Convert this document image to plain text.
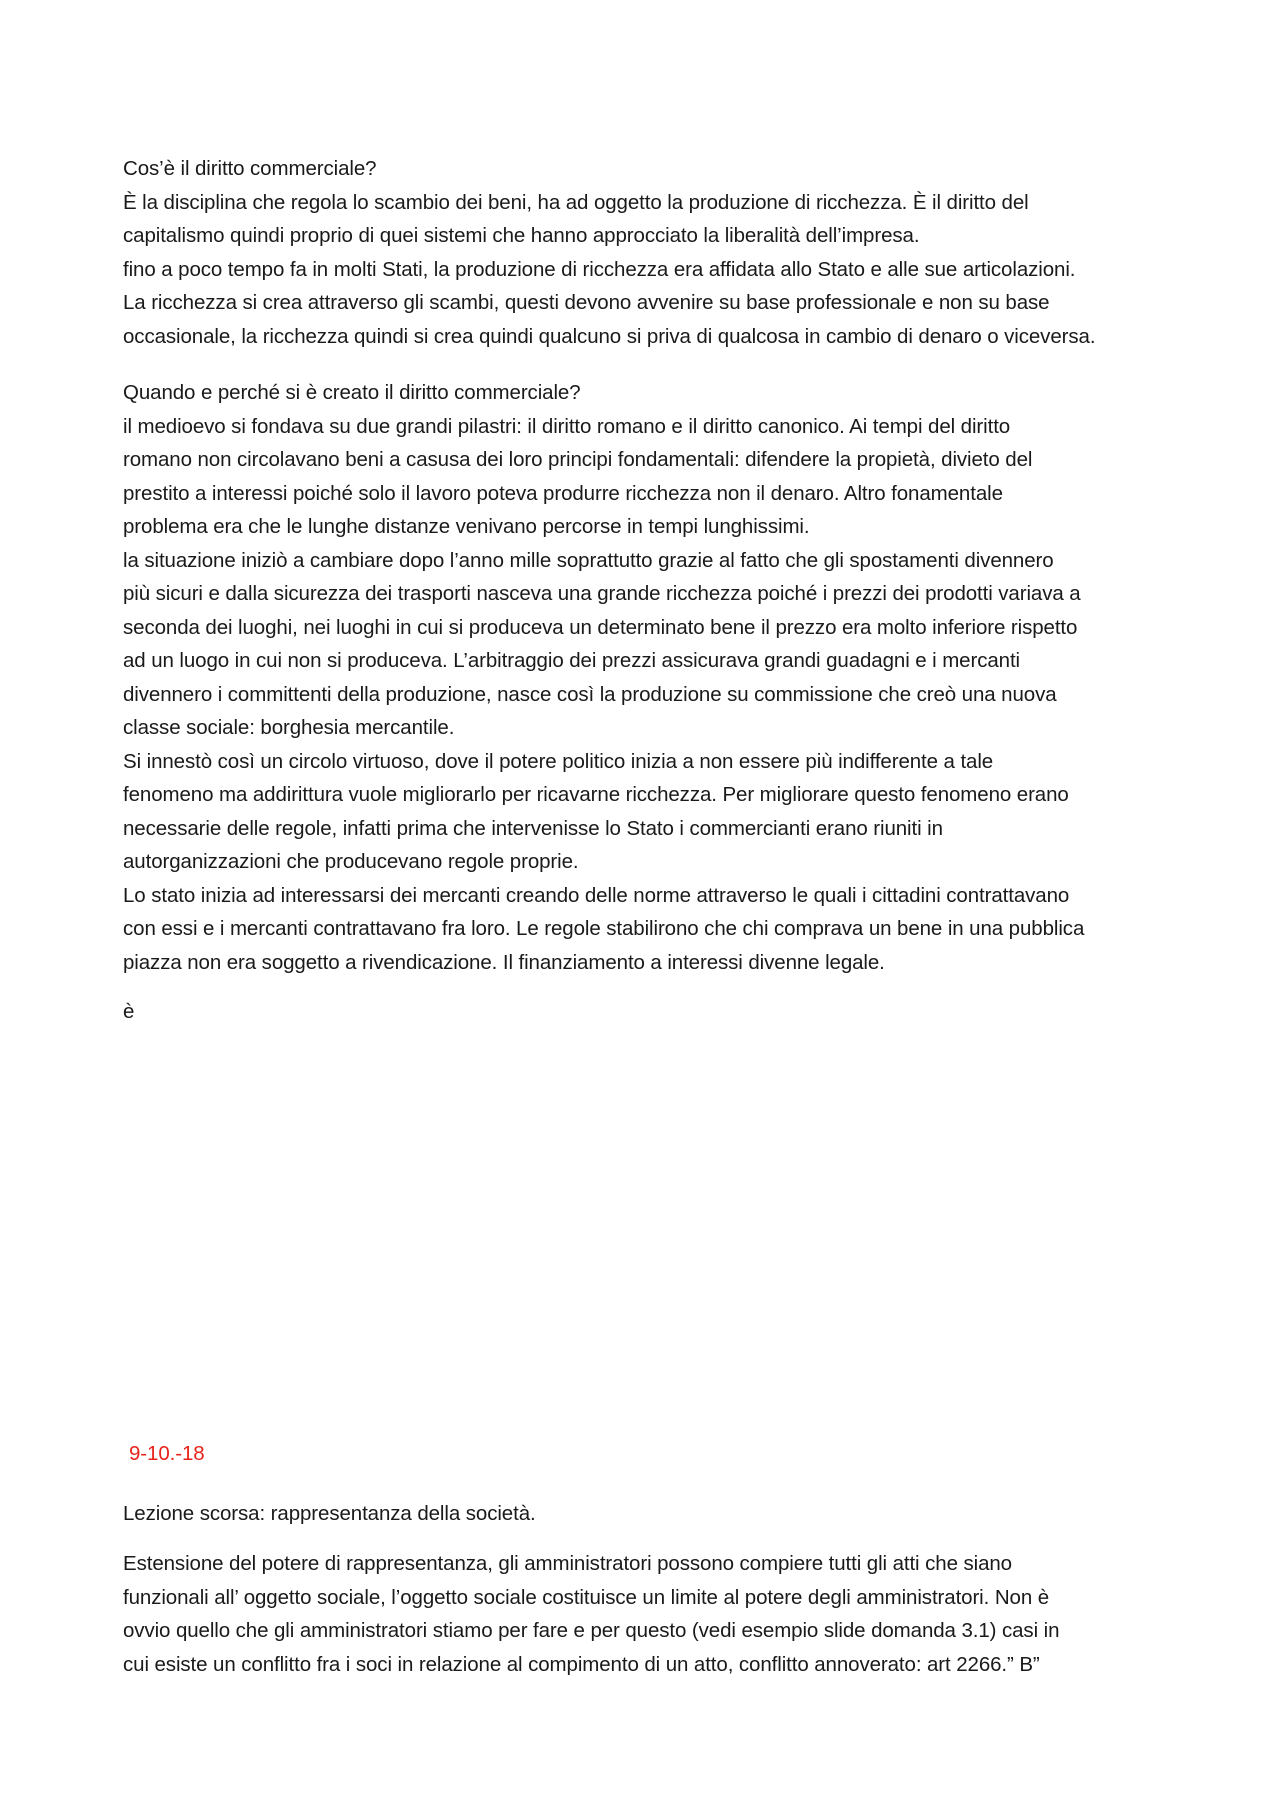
Cos’è il diritto commerciale?

È la disciplina che regola lo scambio dei beni, ha ad oggetto la produzione di ricchezza. È il diritto del

capitalismo quindi proprio di quei sistemi che hanno approcciato la liberalità dell’impresa.

fino a poco tempo fa in molti Stati, la produzione di ricchezza era affidata allo Stato e alle sue articolazioni.

La ricchezza si crea attraverso gli scambi, questi devono avvenire su base professionale e non su base

occasionale, la ricchezza quindi si crea quindi qualcuno si priva di qualcosa in cambio di denaro o viceversa.

Quando e perché si è creato il diritto commerciale?

il medioevo si fondava su due grandi pilastri: il diritto romano e il diritto canonico. Ai tempi del diritto

romano non circolavano beni a casusa dei loro principi fondamentali: difendere la propietà, divieto del

prestito a interessi poiché solo il lavoro poteva produrre ricchezza non il denaro. Altro fonamentale

problema era che le lunghe distanze venivano percorse in tempi lunghissimi.

la situazione iniziò a cambiare dopo l’anno mille soprattutto grazie al fatto che gli spostamenti divennero

più sicuri e dalla sicurezza dei trasporti nasceva una grande ricchezza poiché i prezzi dei prodotti variava a

seconda dei luoghi, nei luoghi in cui si produceva un determinato bene il prezzo era molto inferiore rispetto

ad un luogo in cui non si produceva. L’arbitraggio dei prezzi assicurava grandi guadagni e i mercanti

divennero i committenti della produzione, nasce così la produzione su commissione che creò una nuova

classe sociale: borghesia mercantile.

Si innestò così un circolo virtuoso, dove il potere politico inizia a non essere più indifferente a tale

fenomeno ma addirittura vuole migliorarlo per ricavarne ricchezza. Per migliorare questo fenomeno erano

necessarie delle regole, infatti prima che intervenisse lo Stato i commercianti erano riuniti in

autorganizzazioni che producevano regole proprie.

Lo stato inizia ad interessarsi dei mercanti creando delle norme attraverso le quali i cittadini contrattavano

con essi e i mercanti contrattavano fra loro. Le regole stabilirono che chi comprava un bene in una pubblica

piazza non era soggetto a rivendicazione. Il finanziamento a interessi divenne legale.

è

9-10.-18

Lezione scorsa: rappresentanza della società.

Estensione del potere di rappresentanza, gli amministratori possono compiere tutti gli atti che siano

funzionali all’ oggetto sociale, l’oggetto sociale costituisce un limite al potere degli amministratori. Non è

ovvio quello che gli amministratori stiamo per fare e per questo (vedi esempio slide domanda 3.1) casi in

cui esiste un conflitto fra i soci in relazione al compimento di un atto, conflitto annoverato: art 2266.” B”
